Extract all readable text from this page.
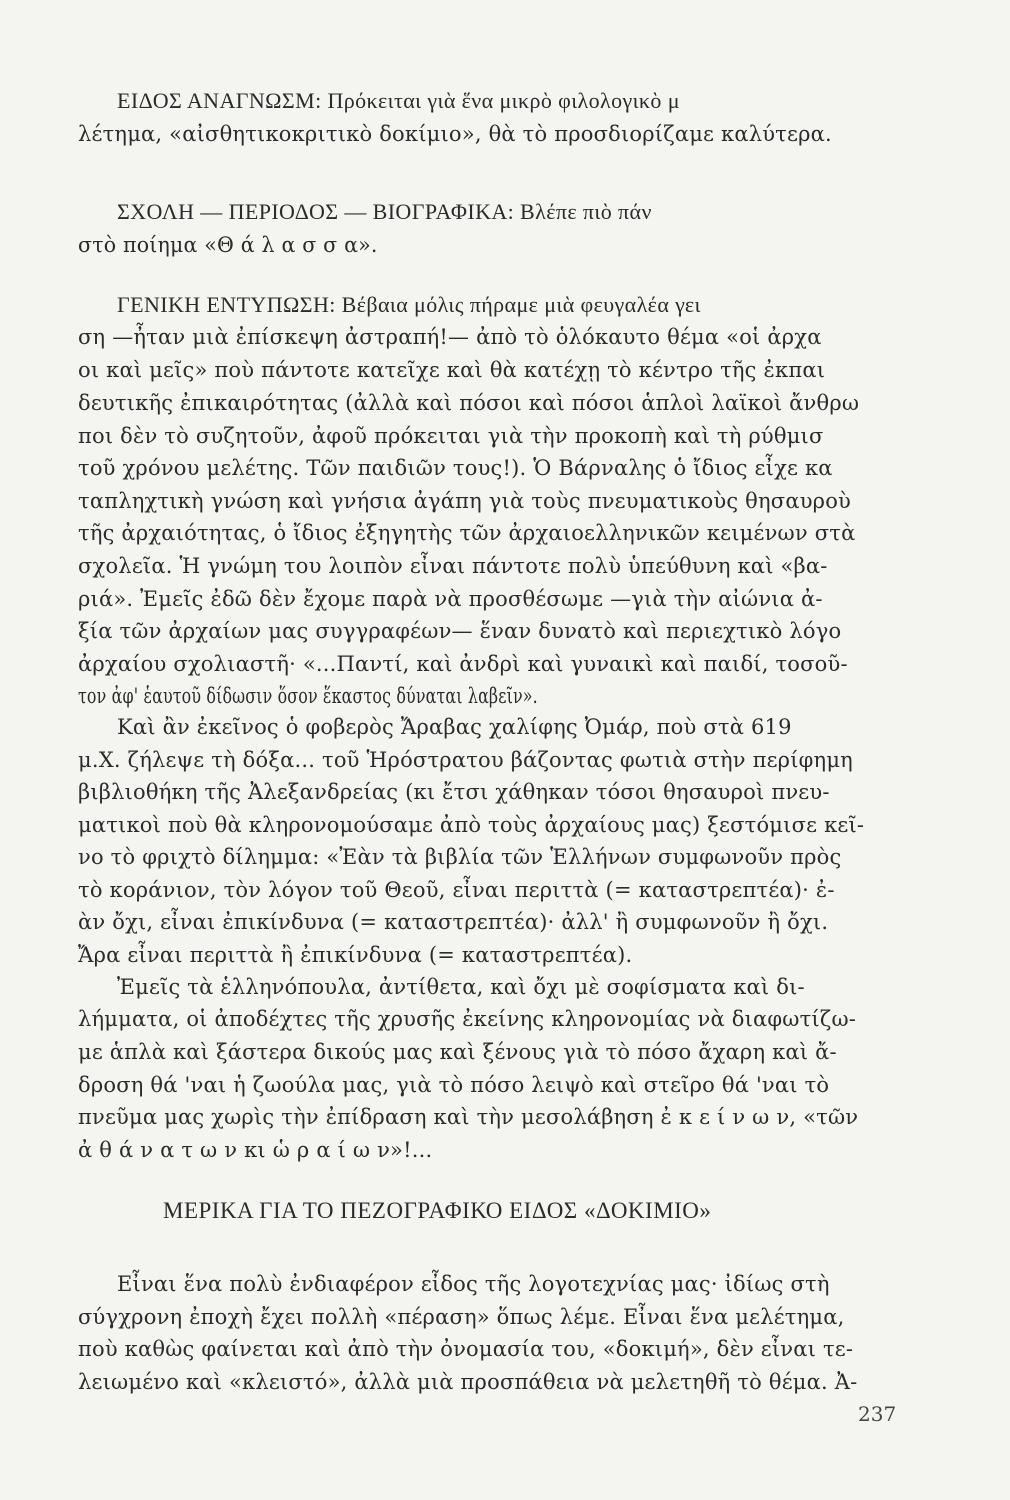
ΕΙΔΟΣ ΑΝΑΓΝΩΣΜ: Πρόκειται γιὰ ἕνα μικρὸ φιλολογικὸ μ
λέτημα, «αἰσθητικοκριτικὸ δοκίμιο», θὰ τὸ προσδιορίζαμε καλύτερα.
ΣΧΟΛΗ — ΠΕΡΙΟΔΟΣ — ΒΙΟΓΡΑΦΙΚΑ: Βλέπε πιὸ πάν
στὸ ποίημα «Θ ά λ α σ σ α».
ΓΕΝΙΚΗ ΕΝΤΥΠΩΣΗ: Βέβαια μόλις πήραμε μιὰ φευγαλέα γει
ση —ἦταν μιὰ ἐπίσκεψη ἀστραπή!— ἀπὸ τὸ ὁλόκαυτο θέμα «οἱ ἀρχα
οι καὶ μεῖς» ποὺ πάντοτε κατεῖχε καὶ θὰ κατέχῃ τὸ κέντρο τῆς ἐκπαι
δευτικῆς ἐπικαιρότητας (ἀλλὰ καὶ πόσοι καὶ πόσοι ἁπλοὶ λαϊκοὶ ἄνθρω
ποι δὲν τὸ συζητοῦν, ἀφοῦ πρόκειται γιὰ τὴν προκοπὴ καὶ τὴ ρύθμισ
τοῦ χρόνου μελέτης. Τῶν παιδιῶν τους!). Ὁ Βάρναλης ὁ ἴδιος εἶχε κα
ταπληχτικὴ γνώση καὶ γνήσια ἀγάπη γιὰ τοὺς πνευματικοὺς θησαυροὺ
τῆς ἀρχαιότητας, ὁ ἴδιος ἐξηγητὴς τῶν ἀρχαιοελληνικῶν κειμένων στὰ
σχολεῖα. Ἡ γνώμη του λοιπὸν εἶναι πάντοτε πολὺ ὑπεύθυνη καὶ «βα-
ριά». Ἐμεῖς ἐδῶ δὲν ἔχομε παρὰ νὰ προσθέσωμε —γιὰ τὴν αἰώνια ἀ-
ξία τῶν ἀρχαίων μας συγγραφέων— ἕναν δυνατὸ καὶ περιεχτικὸ λόγο
ἀρχαίου σχολιαστῆ· «...Παντί, καὶ ἀνδρὶ καὶ γυναικὶ καὶ παιδί, τοσοῦ-
τον ἀφ' ἑαυτοῦ δίδωσιν ὅσον ἕκαστος δύναται λαβεῖν».
Καὶ ἂν ἐκεῖνος ὁ φοβερὸς Ἄραβας χαλίφης Ὀμάρ, ποὺ στὰ 619
μ.Χ. ζήλεψε τὴ δόξα... τοῦ Ἡρόστρατου βάζοντας φωτιὰ στὴν περίφημη
βιβλιοθήκη τῆς Ἀλεξανδρείας (κι ἔτσι χάθηκαν τόσοι θησαυροὶ πνευ-
ματικοὶ ποὺ θὰ κληρονομούσαμε ἀπὸ τοὺς ἀρχαίους μας) ξεστόμισε κεῖ-
νο τὸ φριχτὸ δίλημμα: «Ἐὰν τὰ βιβλία τῶν Ἑλλήνων συμφωνοῦν πρὸς
τὸ κοράνιον, τὸν λόγον τοῦ Θεοῦ, εἶναι περιττὰ (= καταστρεπτέα)· ἐ-
ὰν ὄχι, εἶναι ἐπικίνδυνα (= καταστρεπτέα)· ἀλλ' ἢ συμφωνοῦν ἢ ὄχι.
Ἄρα εἶναι περιττὰ ἢ ἐπικίνδυνα (= καταστρεπτέα).
Ἐμεῖς τὰ ἑλληνόπουλα, ἀντίθετα, καὶ ὄχι μὲ σοφίσματα καὶ δι-
λήμματα, οἱ ἀποδέχτες τῆς χρυσῆς ἐκείνης κληρονομίας νὰ διαφωτίζω-
με ἁπλὰ καὶ ξάστερα δικούς μας καὶ ξένους γιὰ τὸ πόσο ἄχαρη καὶ ἄ-
δροση θά 'ναι ἡ ζωούλα μας, γιὰ τὸ πόσο λειψὸ καὶ στεῖρο θά 'ναι τὸ
πνεῦμα μας χωρὶς τὴν ἐπίδραση καὶ τὴν μεσολάβηση ἐ κ ε ί ν ω ν, «τῶν
ἀ θ ά ν α τ ω ν κι ὡ ρ α ί ω ν»!...
Εἶναι ἕνα πολὺ ἐνδιαφέρον εἶδος τῆς λογοτεχνίας μας· ἰδίως στὴ
σύγχρονη ἐποχὴ ἔχει πολλὴ «πέραση» ὅπως λέμε. Εἶναι ἕνα μελέτημα,
ποὺ καθὼς φαίνεται καὶ ἀπὸ τὴν ὀνομασία του, «δοκιμή», δὲν εἶναι τε-
λειωμένο καὶ «κλειστό», ἀλλὰ μιὰ προσπάθεια νὰ μελετηθῆ τὸ θέμα. Ἀ-
ΜΕΡΙΚΑ ΓΙΑ ΤΟ ΠΕΖΟΓΡΑΦΙΚΟ ΕΙΔΟΣ «ΔΟΚΙΜΙΟ»
237
